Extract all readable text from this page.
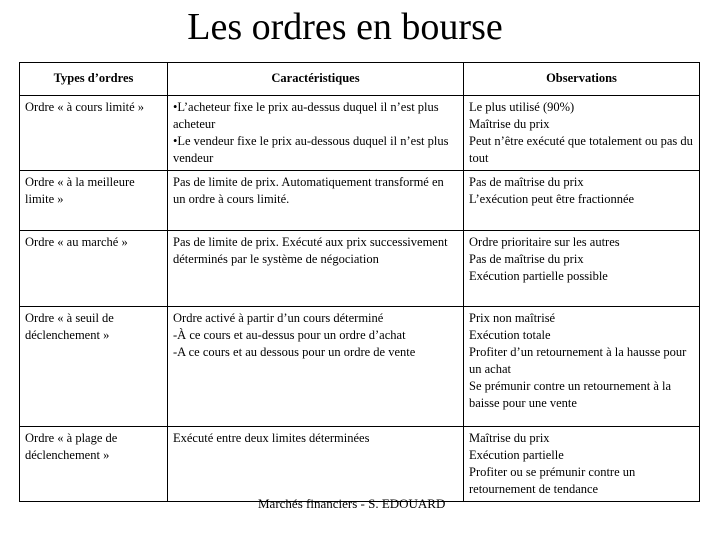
Les ordres en bourse
Types d’ordres	Caractéristiques	Observations
Ordre « à cours limité »	•L’acheteur fixe le prix au-dessus duquel il n’est plus acheteur
•Le vendeur fixe le prix au-dessous duquel il n’est plus vendeur	Le plus utilisé (90%)
Maîtrise du prix
Peut n’être exécuté que totalement ou pas du tout

Ordre « à la meilleure limite »	Pas de limite de prix. Automatiquement transformé en un ordre à cours limité.	Pas de maîtrise du prix
L’exécution peut être fractionnée

Ordre « au marché »	Pas de limite de prix. Exécuté aux prix successivement déterminés par le système de négociation	Ordre prioritaire sur les autres
Pas de maîtrise du prix
Exécution partielle possible

Ordre « à seuil de déclenchement »	Ordre activé à partir d’un cours déterminé
-À ce cours et au-dessus pour un ordre d’achat
-A ce cours et au dessous pour un ordre de vente	Prix non maîtrisé
Exécution totale
Profiter d’un retournement à la hausse pour un achat
Se prémunir contre un retournement à la baisse pour une vente

Ordre « à plage de déclenchement »	Exécuté entre deux limites déterminées	Maîtrise du prix
Exécution partielle
Profiter ou se prémunir contre un retournement de tendance
Marchés financiers - S. EDOUARD
